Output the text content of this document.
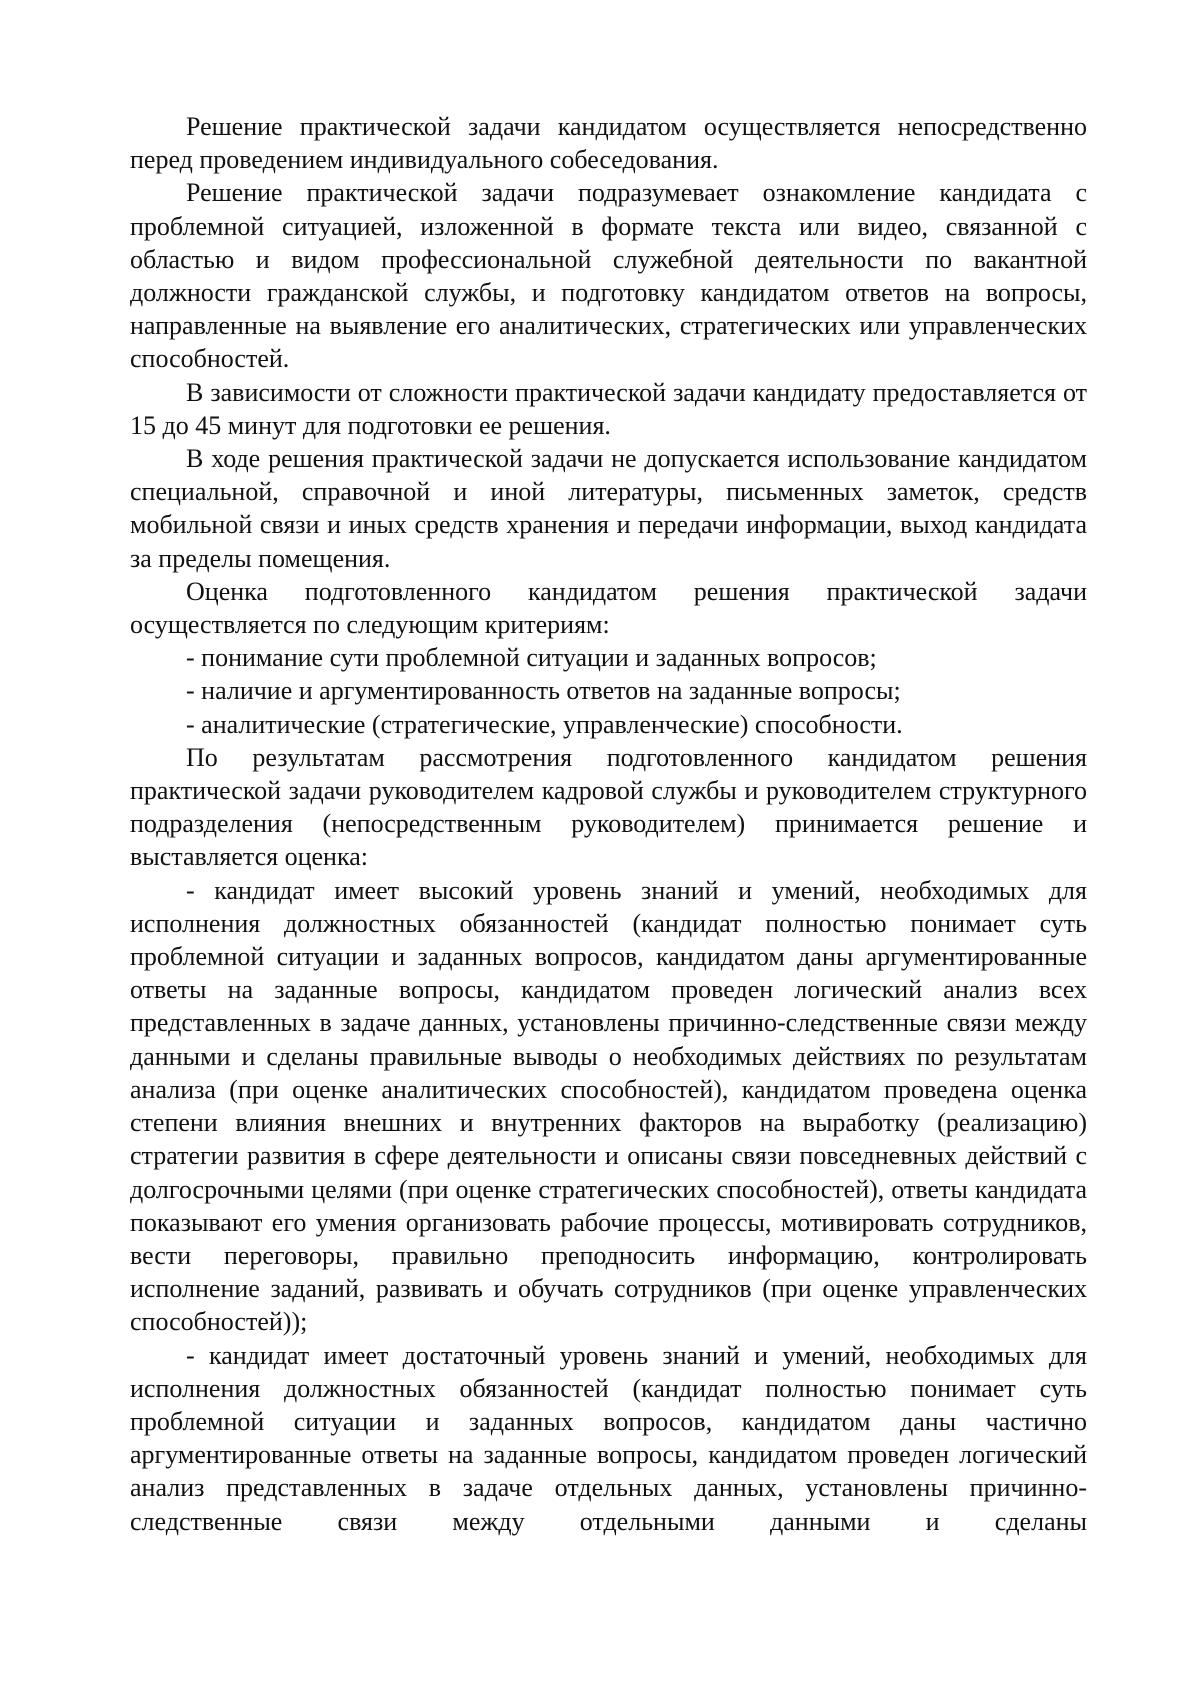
Решение практической задачи кандидатом осуществляется непосредственно перед проведением индивидуального собеседования.

Решение практической задачи подразумевает ознакомление кандидата с проблемной ситуацией, изложенной в формате текста или видео, связанной с областью и видом профессиональной служебной деятельности по вакантной должности гражданской службы, и подготовку кандидатом ответов на вопросы, направленные на выявление его аналитических, стратегических или управленческих способностей.

В зависимости от сложности практической задачи кандидату предоставляется от 15 до 45 минут для подготовки ее решения.

В ходе решения практической задачи не допускается использование кандидатом специальной, справочной и иной литературы, письменных заметок, средств мобильной связи и иных средств хранения и передачи информации, выход кандидата за пределы помещения.

Оценка подготовленного кандидатом решения практической задачи осуществляется по следующим критериям:

- понимание сути проблемной ситуации и заданных вопросов;

- наличие и аргументированность ответов на заданные вопросы;

- аналитические (стратегические, управленческие) способности.

По результатам рассмотрения подготовленного кандидатом решения практической задачи руководителем кадровой службы и руководителем структурного подразделения (непосредственным руководителем) принимается решение и выставляется оценка:

- кандидат имеет высокий уровень знаний и умений, необходимых для исполнения должностных обязанностей (кандидат полностью понимает суть проблемной ситуации и заданных вопросов, кандидатом даны аргументированные ответы на заданные вопросы, кандидатом проведен логический анализ всех представленных в задаче данных, установлены причинно-следственные связи между данными и сделаны правильные выводы о необходимых действиях по результатам анализа (при оценке аналитических способностей), кандидатом проведена оценка степени влияния внешних и внутренних факторов на выработку (реализацию) стратегии развития в сфере деятельности и описаны связи повседневных действий с долгосрочными целями (при оценке стратегических способностей), ответы кандидата показывают его умения организовать рабочие процессы, мотивировать сотрудников, вести переговоры, правильно преподносить информацию, контролировать исполнение заданий, развивать и обучать сотрудников (при оценке управленческих способностей));

- кандидат имеет достаточный уровень знаний и умений, необходимых для исполнения должностных обязанностей (кандидат полностью понимает суть проблемной ситуации и заданных вопросов, кандидатом даны частично аргументированные ответы на заданные вопросы, кандидатом проведен логический анализ представленных в задаче отдельных данных, установлены причинно-следственные связи между отдельными данными и сделаны
